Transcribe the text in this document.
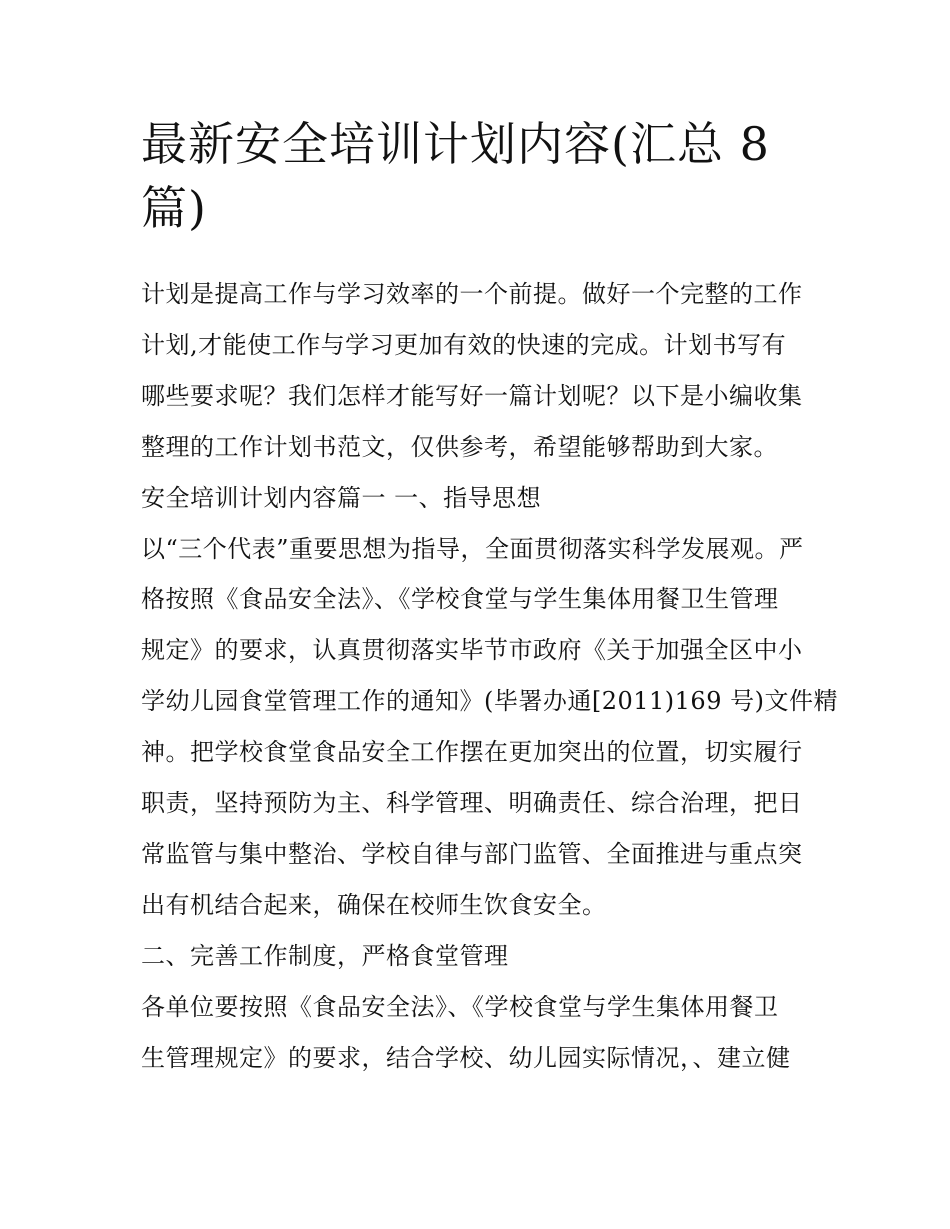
最新安全培训计划内容(汇总 8
篇)
计划是提高工作与学习效率的一个前提。做好一个完整的工作
计划,才能使工作与学习更加有效的快速的完成。计划书写有
哪些要求呢？我们怎样才能写好一篇计划呢？以下是小编收集
整理的工作计划书范文，仅供参考，希望能够帮助到大家。
安全培训计划内容篇一 一、指导思想
以“三个代表”重要思想为指导，全面贯彻落实科学发展观。严
格按照《食品安全法》、《学校食堂与学生集体用餐卫生管理
规定》的要求，认真贯彻落实毕节市政府《关于加强全区中小
学幼儿园食堂管理工作的通知》(毕署办通[2011)169 号)文件精
神。把学校食堂食品安全工作摆在更加突出的位置，切实履行
职责，坚持预防为主、科学管理、明确责任、综合治理，把日
常监管与集中整治、学校自律与部门监管、全面推进与重点突
出有机结合起来，确保在校师生饮食安全。
二、完善工作制度，严格食堂管理
各单位要按照《食品安全法》、《学校食堂与学生集体用餐卫
生管理规定》的要求，结合学校、幼儿园实际情况，、建立健
